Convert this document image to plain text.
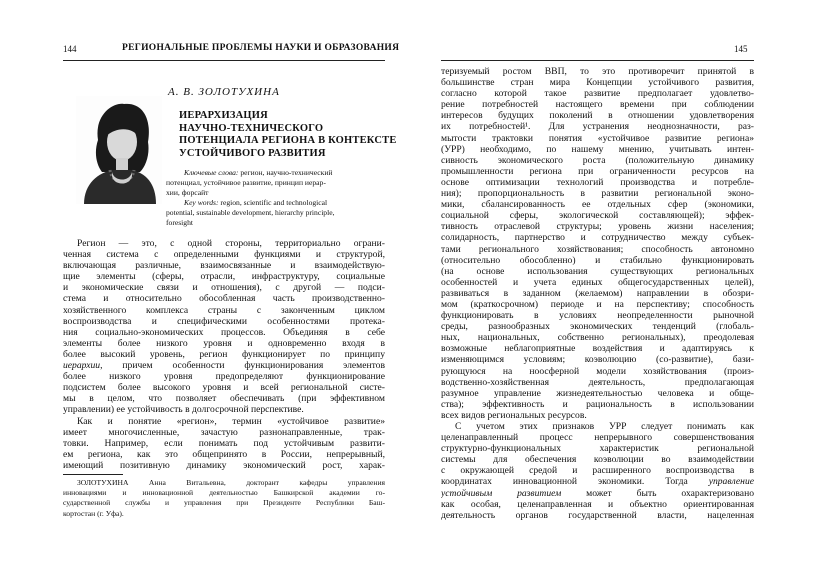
144	РЕГИОНАЛЬНЫЕ ПРОБЛЕМЫ НАУКИ И ОБРАЗОВАНИЯ
А. В. ЗОЛОТУХИНА
ИЕРАРХИЗАЦИЯ
НАУЧНО-ТЕХНИЧЕСКОГО
ПОТЕНЦИАЛА РЕГИОНА В КОНТЕКСТЕ
УСТОЙЧИВОГО РАЗВИТИЯ
Ключевые слова: регион, научно-технический
потенциал, устойчивое развитие, принцип иерар-
хии, форсайт
Key words: region, scientific and technological
potential, sustainable development, hierarchy principle,
foresight
Регион — это, с одной стороны, территориально ограни-
ченная система с определенными функциями и структурой,
включающая различные, взаимосвязанные и взаимодействую-
щие элементы (сферы, отрасли, инфраструктуру, социальные
и экономические связи и отношения), с другой — подси-
стема и относительно обособленная часть производственно-
хозяйственного комплекса страны с законченным циклом
воспроизводства и специфическими особенностями протека-
ния социально-экономических процессов. Объединяя в себе
элементы более низкого уровня и одновременно входя в
более высокий уровень, регион функционирует по принципу
иерархии, причем особенности функционирования элементов
более низкого уровня предопределяют функционирование
подсистем более высокого уровня и всей региональной систе-
мы в целом, что позволяет обеспечивать (при эффективном
управлении) ее устойчивость в долгосрочной перспективе.
Как и понятие «регион», термин «устойчивое развитие»
имеет многочисленные, зачастую разнонаправленные, трак-
товки. Например, если понимать под устойчивым развити-
ем региона, как это общепринято в России, непрерывный,
имеющий позитивную динамику экономический рост, харак-
ЗОЛОТУХИНА Анна Витальевна, докторант кафедры управления
инновациями и инновационной деятельностью Башкирской академии го-
сударственной службы и управления при Президенте Республики Баш-
кортостан (г. Уфа).
145
теризуемый ростом ВВП, то это противоречит принятой в
большинстве стран мира Концепции устойчивого развития,
согласно которой такое развитие предполагает удовлетво-
рение потребностей настоящего времени при соблюдении
интересов будущих поколений в отношении удовлетворения
их потребностей¹. Для устранения неоднозначности, раз-
мытости трактовки понятия «устойчивое развитие региона»
(УРР) необходимо, по нашему мнению, учитывать интен-
сивность экономического роста (положительную динамику
промышленности региона при ограниченности ресурсов на
основе оптимизации технологий производства и потребле-
ния); пропорциональность в развитии региональной эконо-
мики, сбалансированность ее отдельных сфер (экономики,
социальной сферы, экологической составляющей); эффек-
тивность отраслевой структуры; уровень жизни населения;
солидарность, партнерство и сотрудничество между субъек-
тами регионального хозяйствования; способность автономно
(относительно обособленно) и стабильно функционировать
(на основе использования существующих региональных
особенностей и учета единых общегосударственных целей),
развиваться в заданном (желаемом) направлении в обозри-
мом (краткосрочном) периоде и на перспективу; способность
функционировать в условиях неопределенности рыночной
среды, разнообразных экономических тенденций (глобаль-
ных, национальных, собственно региональных), преодолевая
возможные неблагоприятные воздействия и адаптируясь к
изменяющимся условиям; коэволюцию (со-развитие), бази-
рующуюся на ноосферной модели хозяйствования (произ-
водственно-хозяйственная деятельность, предполагающая
разумное управление жизнедеятельностью человека и обще-
ства); эффективность и рациональность в использовании
всех видов региональных ресурсов.
С учетом этих признаков УРР следует понимать как
целенаправленный процесс непрерывного совершенствования
структурно-функциональных характеристик региональной
системы для обеспечения коэволюции во взаимодействии
с окружающей средой и расширенного воспроизводства в
координатах инновационной экономики. Тогда управление
устойчивым развитием может быть охарактеризовано
как особая, целенаправленная и объектно ориентированная
деятельность органов государственной власти, нацеленная
